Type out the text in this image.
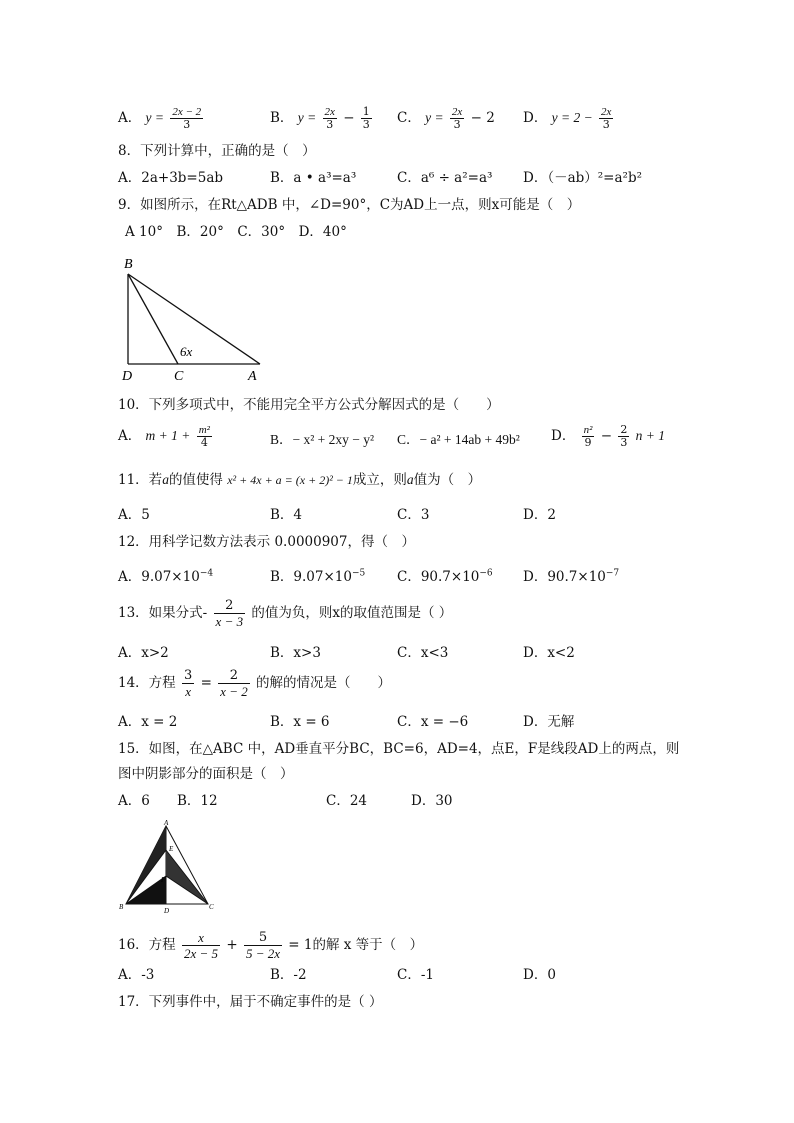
A． $y = \frac{2x - 2}{3}$	B． $y = \frac{2x}{3} - \frac{1}{3}$ C． $y = \frac{2x}{3} - 2$ D． $y = 2 - \frac{2x}{3}$
8．下列计算中，正确的是（　）
A．2a+3b=5ab	B．a • a³=a³	C．a⁶ ÷ a²=a³ D．（－ab）²=a²b²
9．如图所示，在Rt△ADB 中，∠D=90°，C为AD上一点，则x可能是（　）
A 10°　B．20°　C．30°　D．40°
B
D	C	A
6x
10．下列多项式中，不能用完全平方公式分解因式的是（　　）
A． $m + 1 + \frac{\text{m²}}{4}$	B．− x² + 2xy − y² C．− a² + 14ab + 49b² D． $\frac{\text{n²}}{9} - \frac{2}{3}$ n + 1
11．若a的值使得 x² + 4x + a = (x + 2)² − 1成立，则a值为（　）
A．5	B．4	C．3	D．2
12．用科学记数方法表示 0.0000907，得（　）
A．$9.07\times 10^{-4}$	B．$9.07\times 10^{-5}$ C．$90.7\times 10^{-6}$ D．$90.7\times 10^{-7}$
13．如果分式- $\frac{2}{x - 3}$ 的值为负，则x的取值范围是（ ）
A．x>2	B．x>3	C．x<3	D．x<2
14．方程 $\frac{3}{x} = \frac{2}{x - 2}$ 的解的情况是（　　）
A．x = 2	B．x = 6	C．x = −6	D．无解
15．如图，在△ABC 中，AD垂直平分BC，BC=6，AD=4，点E，F是线段AD上的两点，则
图中阴影部分的面积是（　）
A．6 B．12	C．24	D．30
A
E
F
B	D	C
16．方程 $\frac{x}{2x - 5} + \frac{5}{5 - 2x} = 1$的解 x 等于（　）
A．-3	B．-2	C．-1	D．0
17．下列事件中，届于不确定事件的是（ ）
